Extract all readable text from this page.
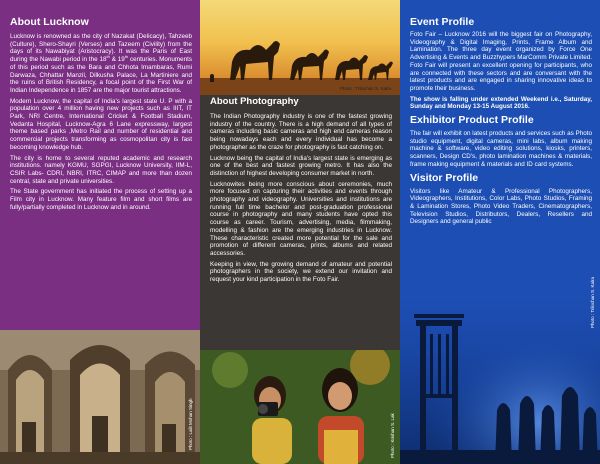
About Lucknow

Lucknow is renowned as the city of Nazakat (Delicacy), Tahzeeb (Culture), Shero-Shayri (Verses) and Tazeem (Civility) from the days of its Nawabiyat (Aristocracy). It was the Paris of East during the Nawabi period in the 18th & 19th centuries. Monuments of this period such as the Bara and Chhota Imambaras, Rumi Darwaza, Chhattar Manzil, Dilkusha Palace, La Martiniere and the ruins of British Residency, a focal point of the First War of Indian Independence in 1857 are the major tourist attractions.

Modern Lucknow, the capital of India's largest state U. P with a population over 4 million having new projects such as IIIT, IT Park, NRI Centre, International Cricket & Football Stadium, Vedanta Hospital, Lucknow-Agra 6 Lane expressway, largest theme based parks ,Metro Rail and number of residential and commercial projects transforming as cosmopolitan city is fast becoming knowledge hub.

The city is horne to several reputed academic and research institutions. namely KGMU, SGPGI, Lucknow University, IIM-L, CSIR Labs- CDRI, NBRI, ITRC, CIMAP and more than dozen central, state and private universities.

The State government has initiated the process of setting up a Film city in Lucknow. Many feature film and short films are fully/partially completed in Lucknow and in around.

Photo : Lalit Mohan Singh
Photo : Trilochan S. Kalra
About Photography

The Indian Photography industry is one of the fastest growing industry of the country. There is a high demand of all types of cameras including basic cameras and high end cameras reason being nowadays each and every individual has become a photographer as the craze for photography is fast catching on.

Lucknow being the capital of India's largest state is emerging as one of the best and fastest growing metro. It has also the distinction of highest developing consumer market in north.

Lucknowites being more conscious about ceremonies, much more focused on capturing their activities and events through photography and videography. Universities and institutions are running full time bachelor and post-graduation professional course in photography and many students have opted this course as career. Tourism, advertising, media, filmmaking, modelling & fashion are the emerging industries in Lucknow. These characteristic created more potential for the sale and promotion of different cameras, prints, albums and related accessories.

Keeping in view, the growing demand of amateur and potential photographers in the society, we extend our invitation and request your kind participation in the Foto Fair.

Photo : Krishan S. Lak
Event Profile

Foto Fair – Lucknow 2016 will the biggest fair on Photography, Videography & Digital Imaging, Prints, Frame Album and Lamination. The three day event organized by Force One Advertising & Events and Buzzhypers MarComm Private Limited. Foto Fair will present an excellent opening for participants, who are connected with these sectors and are conversant with the latest products and are engaged in sharing innovative ideas to promote their business.

The show is falling under extended Weekend i.e., Saturday, Sunday and Monday 13-15 August 2016.

Exhibitor Product Profile

The fair will exhibit on latest products and services such as Photo studio equipment, digital cameras, mini labs, album making machine & software, video editing solutions, kiosks, printers, scanners, Design CD's, photo lamination machines & materials, frame making equipment & materials and ID card systems.

Visitor Profile

Visitors like Amateur & Professional Photographers, Videographers, Institutions, Color Labs, Photo Studios, Framing & Lamination Stores, Photo Video Traders, Cinematographers, Television Studios, Distributors, Dealers, Resellers and Designers and general public

Photo : Trilochan S. Kalra
